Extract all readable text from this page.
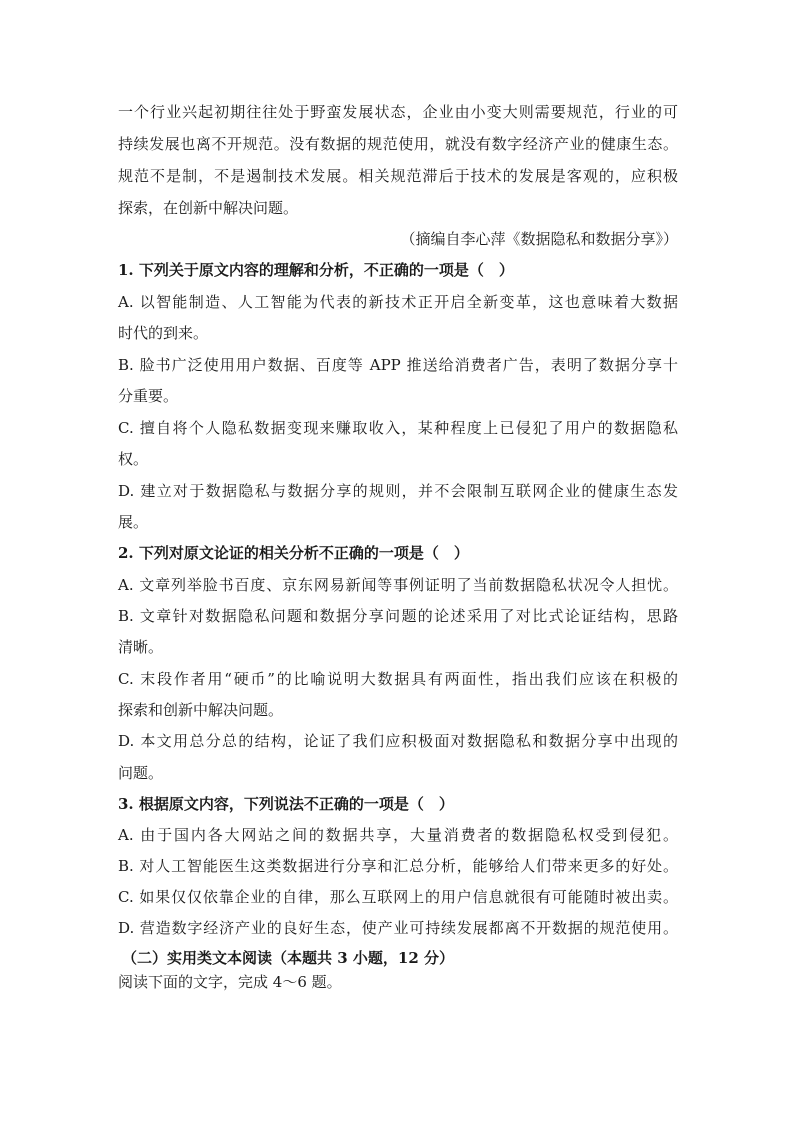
一个行业兴起初期往往处于野蛮发展状态，企业由小变大则需要规范，行业的可
持续发展也离不开规范。没有数据的规范使用，就没有数字经济产业的健康生态。
规范不是制，不是遏制技术发展。相关规范滞后于技术的发展是客观的，应积极
探索，在创新中解决问题。
（摘编自李心萍《数据隐私和数据分享》）
1. 下列关于原文内容的理解和分析，不正确的一项是（　）
A. 以智能制造、人工智能为代表的新技术正开启全新变革，这也意味着大数据
时代的到来。
B. 脸书广泛使用用户数据、百度等 APP 推送给消费者广告，表明了数据分享十
分重要。
C. 擅自将个人隐私数据变现来赚取收入，某种程度上已侵犯了用户的数据隐私
权。
D. 建立对于数据隐私与数据分享的规则，并不会限制互联网企业的健康生态发
展。
2. 下列对原文论证的相关分析不正确的一项是（　）
A. 文章列举脸书百度、京东网易新闻等事例证明了当前数据隐私状况令人担忧。
B. 文章针对数据隐私问题和数据分享问题的论述采用了对比式论证结构，思路
清晰。
C. 末段作者用“硬币”的比喻说明大数据具有两面性，指出我们应该在积极的
探索和创新中解决问题。
D. 本文用总分总的结构，论证了我们应积极面对数据隐私和数据分享中出现的
问题。
3. 根据原文内容，下列说法不正确的一项是（　）
A. 由于国内各大网站之间的数据共享，大量消费者的数据隐私权受到侵犯。
B. 对人工智能医生这类数据进行分享和汇总分析，能够给人们带来更多的好处。
C. 如果仅仅依靠企业的自律，那么互联网上的用户信息就很有可能随时被出卖。
D. 营造数字经济产业的良好生态，使产业可持续发展都离不开数据的规范使用。
（二）实用类文本阅读（本题共 3 小题，12 分）
阅读下面的文字，完成 4～6 题。
